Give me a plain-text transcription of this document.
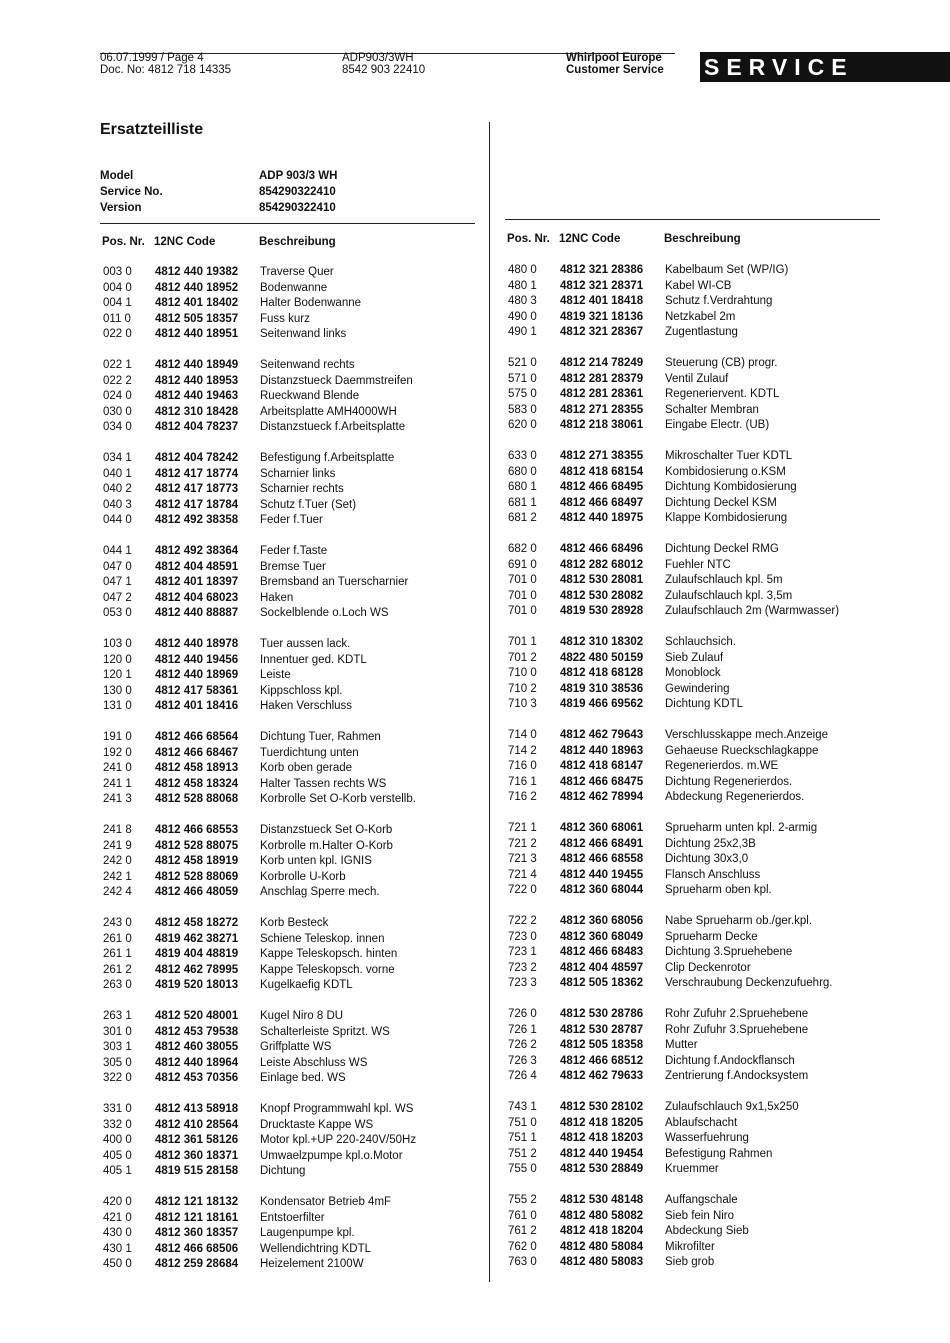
06.07.1999 / Page 4
Doc. No: 4812 718 14335
ADP903/3WH
8542 903 22410
Whirlpool Europe
Customer Service SERVICE
Ersatzteilliste
Model	ADP 903/3 WH
Service No.	854290322410
Version	854290322410
Pos. Nr. 12NC Code	Beschreibung	Pos. Nr. 12NC Code	Beschreibung
003 0	4812 440 19382	Traverse Quer
004 0	4812 440 18952	Bodenwanne
004 1	4812 401 18402	Halter Bodenwanne
011 0	4812 505 18357	Fuss kurz
022 0	4812 440 18951	Seitenwand links
022 1	4812 440 18949	Seitenwand rechts
022 2	4812 440 18953	Distanzstueck Daemmstreifen
024 0	4812 440 19463	Rueckwand Blende
030 0	4812 310 18428	Arbeitsplatte AMH4000WH
034 0	4812 404 78237	Distanzstueck f.Arbeitsplatte
034 1	4812 404 78242	Befestigung f.Arbeitsplatte
040 1	4812 417 18774	Scharnier links
040 2	4812 417 18773	Scharnier rechts
040 3	4812 417 18784	Schutz f.Tuer (Set)
044 0	4812 492 38358	Feder f.Tuer
044 1	4812 492 38364	Feder f.Taste
047 0	4812 404 48591	Bremse Tuer
047 1	4812 401 18397	Bremsband an Tuerscharnier
047 2	4812 404 68023	Haken
053 0	4812 440 88887	Sockelblende o.Loch WS
103 0	4812 440 18978	Tuer aussen lack.
120 0	4812 440 19456	Innentuer ged. KDTL
120 1	4812 440 18969	Leiste
130 0	4812 417 58361	Kippschloss kpl.
131 0	4812 401 18416	Haken Verschluss
191 0	4812 466 68564	Dichtung Tuer, Rahmen
192 0	4812 466 68467	Tuerdichtung unten
241 0	4812 458 18913	Korb oben gerade
241 1	4812 458 18324	Halter Tassen rechts WS
241 3	4812 528 88068	Korbrolle Set O-Korb verstellb.
241 8	4812 466 68553	Distanzstueck Set O-Korb
241 9	4812 528 88075	Korbrolle m.Halter O-Korb
242 0	4812 458 18919	Korb unten kpl. IGNIS
242 1	4812 528 88069	Korbrolle U-Korb
242 4	4812 466 48059	Anschlag Sperre mech.
243 0	4812 458 18272	Korb Besteck
261 0	4819 462 38271	Schiene Teleskop. innen
261 1	4819 404 48819	Kappe Teleskopsch. hinten
261 2	4812 462 78995	Kappe Teleskopsch. vorne
263 0	4819 520 18013	Kugelkaefig KDTL
263 1	4812 520 48001	Kugel Niro 8 DU
301 0	4812 453 79538	Schalterleiste Spritzt. WS
303 1	4812 460 38055	Griffplatte WS
305 0	4812 440 18964	Leiste Abschluss WS
322 0	4812 453 70356	Einlage bed. WS
331 0	4812 413 58918	Knopf Programmwahl kpl. WS
332 0	4812 410 28564	Drucktaste Kappe WS
400 0	4812 361 58126	Motor kpl.+UP 220-240V/50Hz
405 0	4812 360 18371	Umwaelzpumpe kpl.o.Motor
405 1	4819 515 28158	Dichtung
420 0	4812 121 18132	Kondensator Betrieb 4mF
421 0	4812 121 18161	Entstoerfilter
430 0	4812 360 18357	Laugenpumpe kpl.
430 1	4812 466 68506	Wellendichtring KDTL
450 0	4812 259 28684	Heizelement 2100W
480 0	4812 321 28386	Kabelbaum Set (WP/IG)
480 1	4812 321 28371	Kabel WI-CB
480 3	4812 401 18418	Schutz f.Verdrahtung
490 0	4819 321 18136	Netzkabel 2m
490 1	4812 321 28367	Zugentlastung
521 0	4812 214 78249	Steuerung (CB) progr.
571 0	4812 281 28379	Ventil Zulauf
575 0	4812 281 28361	Regeneriervent. KDTL
583 0	4812 271 28355	Schalter Membran
620 0	4812 218 38061	Eingabe Electr. (UB)
633 0	4812 271 38355	Mikroschalter Tuer KDTL
680 0	4812 418 68154	Kombidosierung o.KSM
680 1	4812 466 68495	Dichtung Kombidosierung
681 1	4812 466 68497	Dichtung Deckel KSM
681 2	4812 440 18975	Klappe Kombidosierung
682 0	4812 466 68496	Dichtung Deckel RMG
691 0	4812 282 68012	Fuehler NTC
701 0	4812 530 28081	Zulaufschlauch kpl. 5m
701 0	4812 530 28082	Zulaufschlauch kpl. 3,5m
701 0	4819 530 28928	Zulaufschlauch 2m (Warmwasser)
701 1	4812 310 18302	Schlauchsich.
701 2	4822 480 50159	Sieb Zulauf
710 0	4812 418 68128	Monoblock
710 2	4819 310 38536	Gewindering
710 3	4819 466 69562	Dichtung KDTL
714 0	4812 462 79643	Verschlusskappe mech.Anzeige
714 2	4812 440 18963	Gehaeuse Rueckschlagkappe
716 0	4812 418 68147	Regenerierdos. m.WE
716 1	4812 466 68475	Dichtung Regenerierdos.
716 2	4812 462 78994	Abdeckung Regenerierdos.
721 1	4812 360 68061	Sprueharm unten kpl. 2-armig
721 2	4812 466 68491	Dichtung 25x2,3B
721 3	4812 466 68558	Dichtung 30x3,0
721 4	4812 440 19455	Flansch Anschluss
722 0	4812 360 68044	Sprueharm oben kpl.
722 2	4812 360 68056	Nabe Sprueharm ob./ger.kpl.
723 0	4812 360 68049	Sprueharm Decke
723 1	4812 466 68483	Dichtung 3.Spruehebene
723 2	4812 404 48597	Clip Deckenrotor
723 3	4812 505 18362	Verschraubung Deckenzufuehrg.
726 0	4812 530 28786	Rohr Zufuhr 2.Spruehebene
726 1	4812 530 28787	Rohr Zufuhr 3.Spruehebene
726 2	4812 505 18358	Mutter
726 3	4812 466 68512	Dichtung f.Andockflansch
726 4	4812 462 79633	Zentrierung f.Andocksystem
743 1	4812 530 28102	Zulaufschlauch 9x1,5x250
751 0	4812 418 18205	Ablaufschacht
751 1	4812 418 18203	Wasserfuehrung
751 2	4812 440 19454	Befestigung Rahmen
755 0	4812 530 28849	Kruemmer
755 2	4812 530 48148	Auffangschale
761 0	4812 480 58082	Sieb fein Niro
761 2	4812 418 18204	Abdeckung Sieb
762 0	4812 480 58084	Mikrofilter
763 0	4812 480 58083	Sieb grob
